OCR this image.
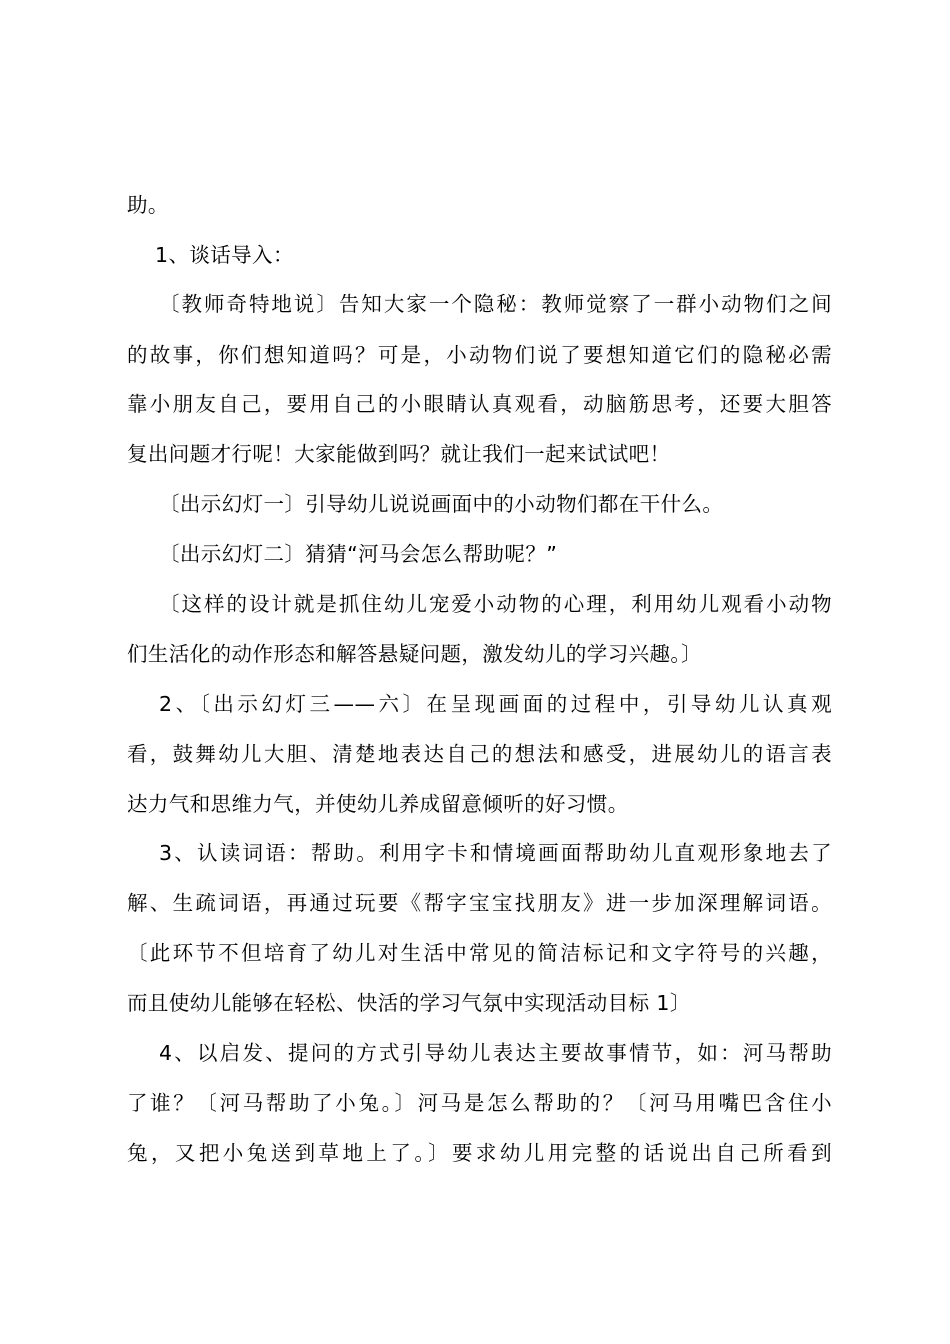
助。
1、谈话导入：
〔教师奇特地说〕告知大家一个隐秘：教师觉察了一群小动物们之间
的故事，你们想知道吗？可是，小动物们说了要想知道它们的隐秘必需
靠小朋友自己，要用自己的小眼睛认真观看，动脑筋思考，还要大胆答
复出问题才行呢！大家能做到吗？就让我们一起来试试吧！
〔出示幻灯一〕引导幼儿说说画面中的小动物们都在干什么。
〔出示幻灯二〕猜猜“河马会怎么帮助呢？”
〔这样的设计就是抓住幼儿宠爱小动物的心理，利用幼儿观看小动物
们生活化的动作形态和解答悬疑问题，激发幼儿的学习兴趣。〕
2、〔出示幻灯三——六〕在呈现画面的过程中，引导幼儿认真观
看，鼓舞幼儿大胆、清楚地表达自己的想法和感受，进展幼儿的语言表
达力气和思维力气，并使幼儿养成留意倾听的好习惯。
3、认读词语：帮助。利用字卡和情境画面帮助幼儿直观形象地去了
解、生疏词语，再通过玩要《帮字宝宝找朋友》进一步加深理解词语。
〔此环节不但培育了幼儿对生活中常见的简洁标记和文字符号的兴趣，
而且使幼儿能够在轻松、快活的学习气氛中实现活动目标 1〕
4、以启发、提问的方式引导幼儿表达主要故事情节，如：河马帮助
了谁？〔河马帮助了小兔。〕河马是怎么帮助的？〔河马用嘴巴含住小
兔，又把小兔送到草地上了。〕要求幼儿用完整的话说出自己所看到
